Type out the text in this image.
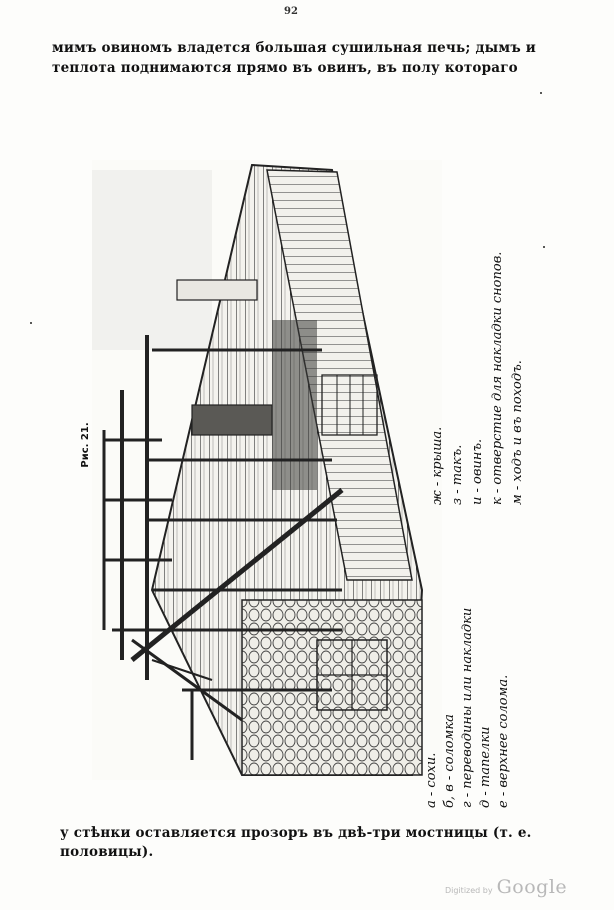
92
мимъ овиномъ владется большая сушильная печь; дымъ и
теплота поднимаются прямо въ овинъ, въ полу котораго
Рис. 21.
а - сохи. б, в - соломка г - переводины или накладки д - тапелки е - верхнее солома.
ж - крыша. з - такъ. и - овинъ. к - отверстие для накладки снопов. м - ходъ и въ походъ.
у стѣнки оставляется прозоръ въ двѣ-три мостницы (т. е.
половицы).
Digitized by Google
